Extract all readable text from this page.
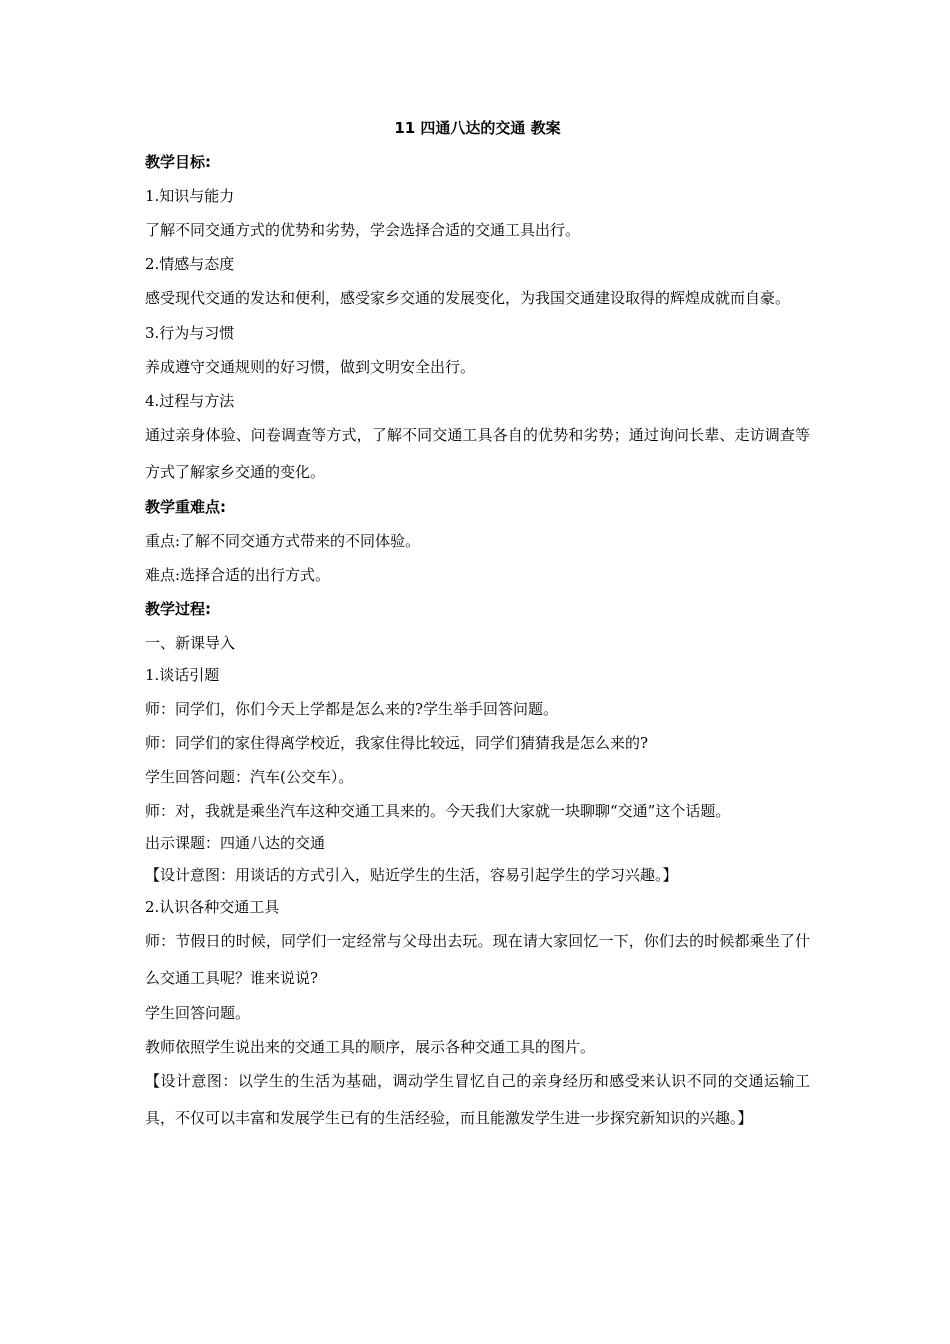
11 四通八达的交通 教案
教学目标:
1.知识与能力
了解不同交通方式的优势和劣势，学会选择合适的交通工具出行。
2.情感与态度
感受现代交通的发达和便利，感受家乡交通的发展变化，为我国交通建设取得的辉煌成就而自豪。
3.行为与习惯
养成遵守交通规则的好习惯，做到文明安全出行。
4.过程与方法
通过亲身体验、问卷调查等方式，了解不同交通工具各自的优势和劣势；通过询问长辈、走访调查等方式了解家乡交通的变化。
教学重难点:
重点:了解不同交通方式带来的不同体验。
难点:选择合适的出行方式。
教学过程:
一、新课导入
1.谈话引题
师：同学们，你们今天上学都是怎么来的?学生举手回答问题。
师：同学们的家住得离学校近，我家住得比较远，同学们猜猜我是怎么来的?
学生回答问题：汽车(公交车）。
师：对，我就是乘坐汽车这种交通工具来的。今天我们大家就一块聊聊“交通”这个话题。
出示课题：四通八达的交通
【设计意图：用谈话的方式引入，贴近学生的生活，容易引起学生的学习兴趣。】
2.认识各种交通工具
师：节假日的时候，同学们一定经常与父母出去玩。现在请大家回忆一下，你们去的时候都乘坐了什么交通工具呢？谁来说说?
学生回答问题。
教师依照学生说出来的交通工具的顺序，展示各种交通工具的图片。
【设计意图：以学生的生活为基础，调动学生冒忆自己的亲身经历和感受来认识不同的交通运输工具，不仅可以丰富和发展学生已有的生活经验，而且能激发学生进一步探究新知识的兴趣。】
